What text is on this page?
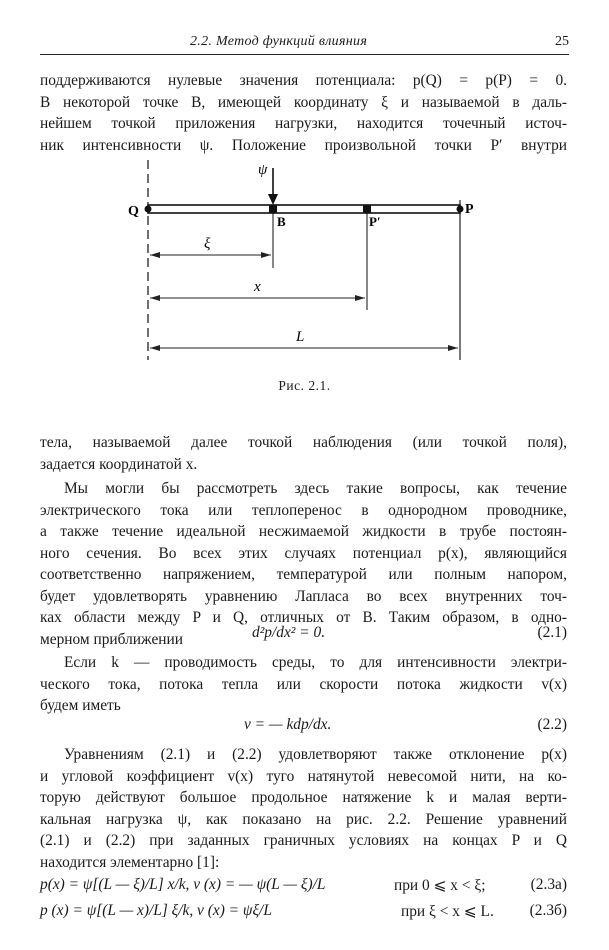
2.2. Метод функций влияния	25
поддерживаются нулевые значения потенциала: p(Q) = p(P) = 0.
В некоторой точке B, имеющей координату ξ и называемой в даль-
нейшем точкой приложения нагрузки, находится точечный источ-
ник интенсивности ψ. Положение произвольной точки P′ внутри
ψ
Q
B	P′
P
ξ
x
L
Рис. 2.1.
тела, называемой далее точкой наблюдения (или точкой поля),
задается координатой x.
Мы могли бы рассмотреть здесь такие вопросы, как течение
электрического тока или теплоперенос в однородном проводнике,
а также течение идеальной несжимаемой жидкости в трубе постоян-
ного сечения. Во всех этих случаях потенциал p(x), являющийся
соответственно напряжением, температурой или полным напором,
будет удовлетворять уравнению Лапласа во всех внутренних точ-
ках области между P и Q, отличных от B. Таким образом, в одно-
мерном приближении	d²p/dx² = 0.	(2.1)
Если k — проводимость среды, то для интенсивности электри-
ческого тока, потока тепла или скорости потока жидкости v(x)
будем иметь
v = — kdp/dx.	(2.2)
Уравнениям (2.1) и (2.2) удовлетворяют также отклонение p(x)
и угловой коэффициент v(x) туго натянутой невесомой нити, на ко-
торую действуют большое продольное натяжение k и малая верти-
кальная нагрузка ψ, как показано на рис. 2.2. Решение уравнений
(2.1) и (2.2) при заданных граничных условиях на концах P и Q
находится элементарно [1]:
p(x) = ψ[(L — ξ)/L] x/k, v (x) = — ψ(L — ξ)/L	при 0 ⩽ x < ξ;	(2.3а)
p (x) = ψ[(L — x)/L] ξ/k, v (x) = ψξ/L	при ξ < x ⩽ L. (2.3б)
